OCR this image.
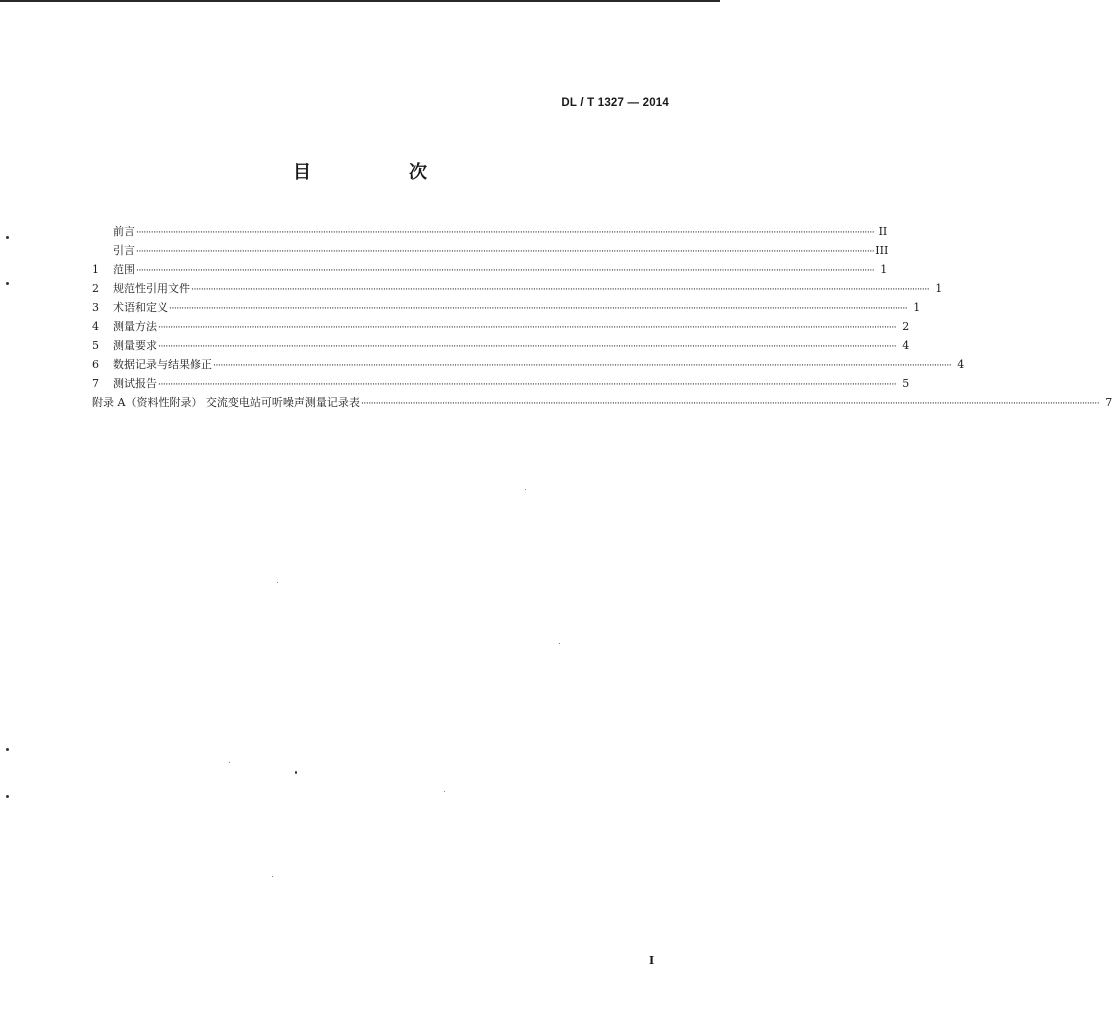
DL / T 1327 — 2014
目　次
前言 ············································································································································································································································································································ II
引言 ············································································································································································································································································································ III
1	范围 ············································································································································································································································································································ 1
2	规范性引用文件 ············································································································································································································································································································ 1
3	术语和定义 ············································································································································································································································································································ 1
4	测量方法 ············································································································································································································································································································ 2
5	测量要求 ············································································································································································································································································································ 4
6	数据记录与结果修正 ············································································································································································································································································································ 4
7	测试报告 ············································································································································································································································································································ 5
附录 A（资料性附录） 交流变电站可听噪声测量记录表 ············································································································································································································································································································ 7
I
